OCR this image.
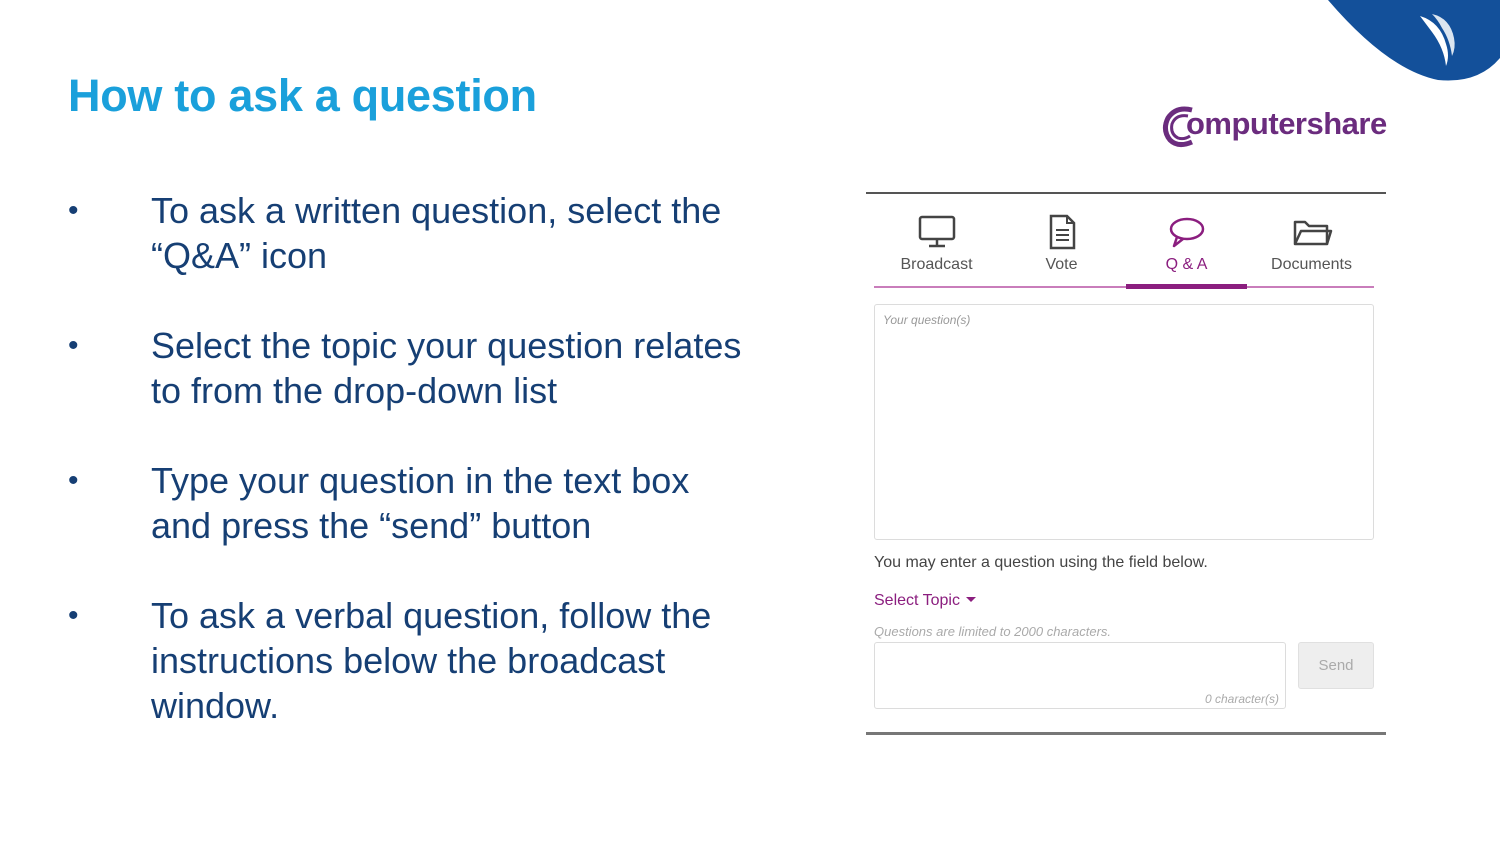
How to ask a question
omputershare
•	To ask a written question, select the “Q&A” icon
•	Select the topic your question relates to from the drop-down list
•	Type your question in the text box and press the “send” button
•	To ask a verbal question, follow the instructions below the broadcast window.
Broadcast	Vote	Q & A	Documents
Your question(s)
You may enter a question using the field below.
Select Topic
Questions are limited to 2000 characters.
0 character(s)
Send
